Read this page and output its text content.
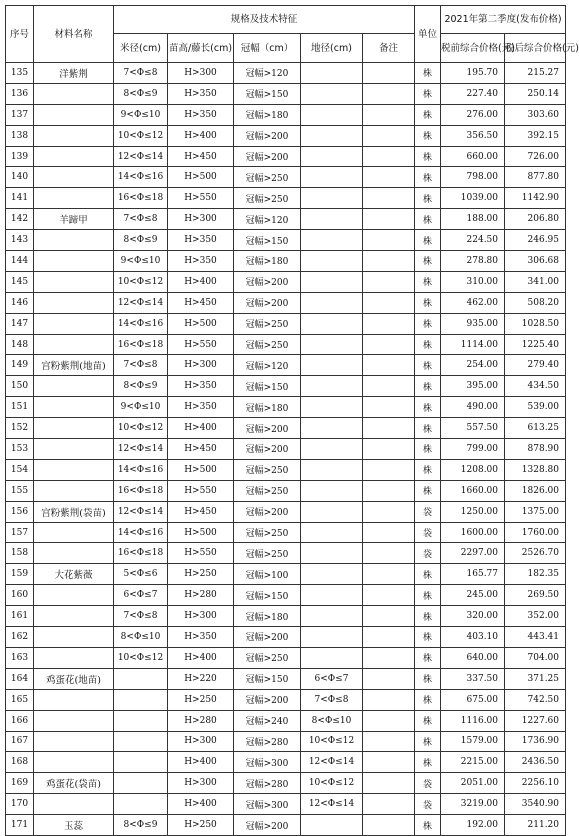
序号	材料名称	规格及技术特征					单位	2021年第二季度(发布价格)	
		米径(cm)	苗高/藤长(cm)	冠幅（cm）	地径(cm)	备注		税前综合价格(元)	税后综合价格(元)
135	洋紫荆	7<Φ≤8	H>300	冠幅>120			株	195.70	215.27
136		8<Φ≤9	H>350	冠幅>150			株	227.40	250.14
137		9<Φ≤10	H>350	冠幅>180			株	276.00	303.60
138		10<Φ≤12	H>400	冠幅>200			株	356.50	392.15
139		12<Φ≤14	H>450	冠幅>200			株	660.00	726.00
140		14<Φ≤16	H>500	冠幅>250			株	798.00	877.80
141		16<Φ≤18	H>550	冠幅>250			株	1039.00	1142.90
142	羊蹄甲	7<Φ≤8	H>300	冠幅>120			株	188.00	206.80
143		8<Φ≤9	H>350	冠幅>150			株	224.50	246.95
144		9<Φ≤10	H>350	冠幅>180			株	278.80	306.68
145		10<Φ≤12	H>400	冠幅>200			株	310.00	341.00
146		12<Φ≤14	H>450	冠幅>200			株	462.00	508.20
147		14<Φ≤16	H>500	冠幅>250			株	935.00	1028.50
148		16<Φ≤18	H>550	冠幅>250			株	1114.00	1225.40
149	宫粉紫荆(地苗)	7<Φ≤8	H>300	冠幅>120			株	254.00	279.40
150		8<Φ≤9	H>350	冠幅>150			株	395.00	434.50
151		9<Φ≤10	H>350	冠幅>180			株	490.00	539.00
152		10<Φ≤12	H>400	冠幅>200			株	557.50	613.25
153		12<Φ≤14	H>450	冠幅>200			株	799.00	878.90
154		14<Φ≤16	H>500	冠幅>250			株	1208.00	1328.80
155		16<Φ≤18	H>550	冠幅>250			株	1660.00	1826.00
156	宫粉紫荆(袋苗)	12<Φ≤14	H>450	冠幅>200			袋	1250.00	1375.00
157		14<Φ≤16	H>500	冠幅>250			袋	1600.00	1760.00
158		16<Φ≤18	H>550	冠幅>250			袋	2297.00	2526.70
159	大花紫薇	5<Φ≤6	H>250	冠幅>100			株	165.77	182.35
160		6<Φ≤7	H>280	冠幅>150			株	245.00	269.50
161		7<Φ≤8	H>300	冠幅>180			株	320.00	352.00
162		8<Φ≤10	H>350	冠幅>200			株	403.10	443.41
163		10<Φ≤12	H>400	冠幅>250			株	640.00	704.00
164	鸡蛋花(地苗)		H>220	冠幅>150	6<Φ≤7		株	337.50	371.25
165			H>250	冠幅>200	7<Φ≤8		株	675.00	742.50
166			H>280	冠幅>240	8<Φ≤10		株	1116.00	1227.60
167			H>300	冠幅>280	10<Φ≤12		株	1579.00	1736.90
168			H>400	冠幅>300	12<Φ≤14		株	2215.00	2436.50
169	鸡蛋花(袋苗)		H>300	冠幅>280	10<Φ≤12		袋	2051.00	2256.10
170			H>400	冠幅>300	12<Φ≤14		袋	3219.00	3540.90
171	玉蕊	8<Φ≤9	H>250	冠幅>200			株	192.00	211.20
